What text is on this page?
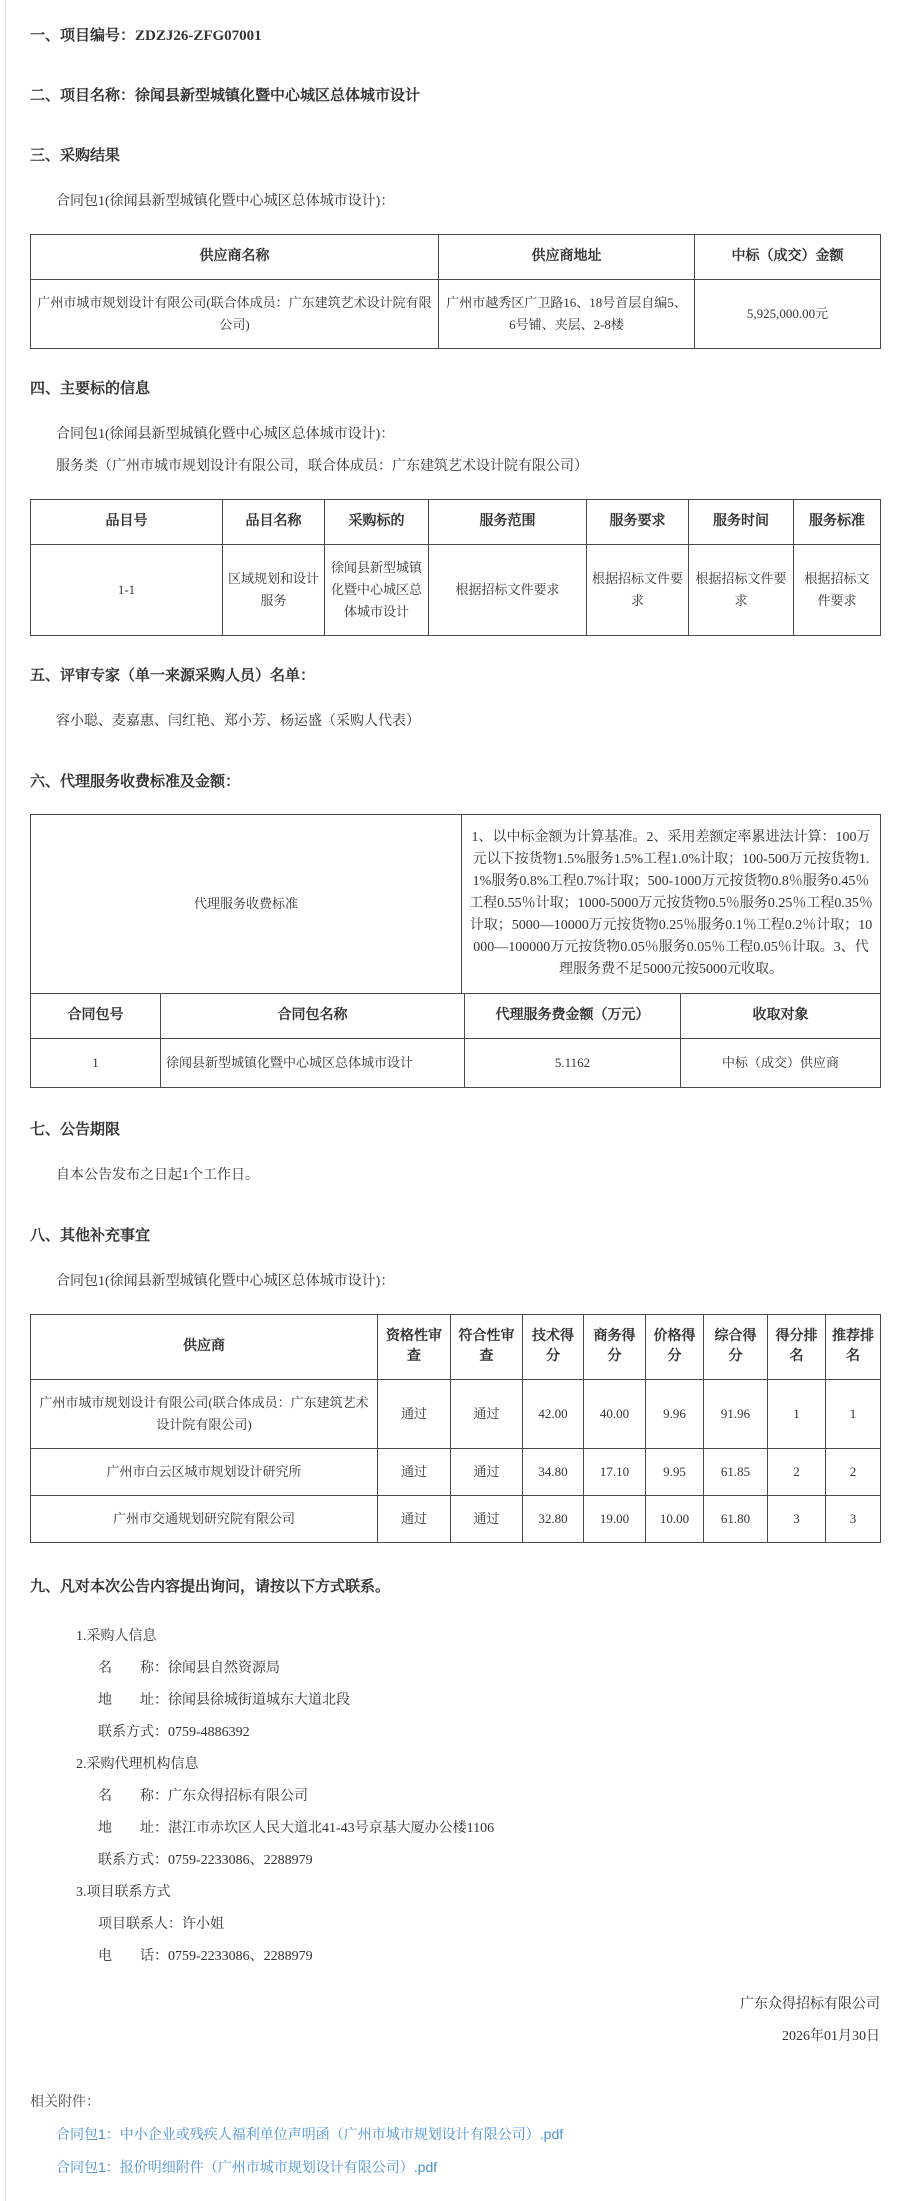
一、项目编号：ZDZJ26-ZFG07001
二、项目名称：徐闻县新型城镇化暨中心城区总体城市设计
三、采购结果
合同包1(徐闻县新型城镇化暨中心城区总体城市设计)：
供应商名称	供应商地址	中标（成交）金额
广州市城市规划设计有限公司(联合体成员：广东建筑艺术设计院有限公司)	广州市越秀区广卫路16、18号首层自编5、6号铺、夹层、2-8楼	5,925,000.00元
四、主要标的信息
合同包1(徐闻县新型城镇化暨中心城区总体城市设计)：
服务类（广州市城市规划设计有限公司，联合体成员：广东建筑艺术设计院有限公司）
品目号	品目名称	采购标的	服务范围	服务要求	服务时间	服务标准
1-1	区域规划和设计服务	徐闻县新型城镇化暨中心城区总体城市设计	根据招标文件要求	根据招标文件要求	根据招标文件要求	根据招标文件要求
五、评审专家（单一来源采购人员）名单：
容小聪、麦嘉惠、闫红艳、郑小芳、杨运盛（采购人代表）
六、代理服务收费标准及金额：
代理服务收费标准	1、以中标金额为计算基准。2、采用差额定率累进法计算：100万元以下按货物1.5%服务1.5%工程1.0%计取；100-500万元按货物1.1%服务0.8%工程0.7%计取；500-1000万元按货物0.8％服务0.45％工程0.55％计取；1000-5000万元按货物0.5％服务0.25％工程0.35％计取；5000—10000万元按货物0.25％服务0.1％工程0.2％计取；10000—100000万元按货物0.05％服务0.05％工程0.05％计取。3、代理服务费不足5000元按5000元收取。
合同包号	合同包名称	代理服务费金额（万元）	收取对象
1	徐闻县新型城镇化暨中心城区总体城市设计	5.1162	中标（成交）供应商
七、公告期限
自本公告发布之日起1个工作日。
八、其他补充事宜
合同包1(徐闻县新型城镇化暨中心城区总体城市设计)：
供应商	资格性审查	符合性审查	技术得分	商务得分	价格得分	综合得分	得分排名	推荐排名
广州市城市规划设计有限公司(联合体成员：广东建筑艺术设计院有限公司)	通过	通过	42.00	40.00	9.96	91.96	1	1
广州市白云区城市规划设计研究所	通过	通过	34.80	17.10	9.95	61.85	2	2
广州市交通规划研究院有限公司	通过	通过	32.80	19.00	10.00	61.80	3	3
九、凡对本次公告内容提出询问，请按以下方式联系。
1.采购人信息
名　　称：徐闻县自然资源局
地　　址：徐闻县徐城街道城东大道北段
联系方式：0759-4886392
2.采购代理机构信息
名　　称：广东众得招标有限公司
地　　址：湛江市赤坎区人民大道北41-43号京基大厦办公楼1106
联系方式：0759-2233086、2288979
3.项目联系方式
项目联系人：许小姐
电　　话：0759-2233086、2288979
广东众得招标有限公司
2026年01月30日
相关附件：
合同包1：中小企业或残疾人福利单位声明函（广州市城市规划设计有限公司）.pdf
合同包1：报价明细附件（广州市城市规划设计有限公司）.pdf
